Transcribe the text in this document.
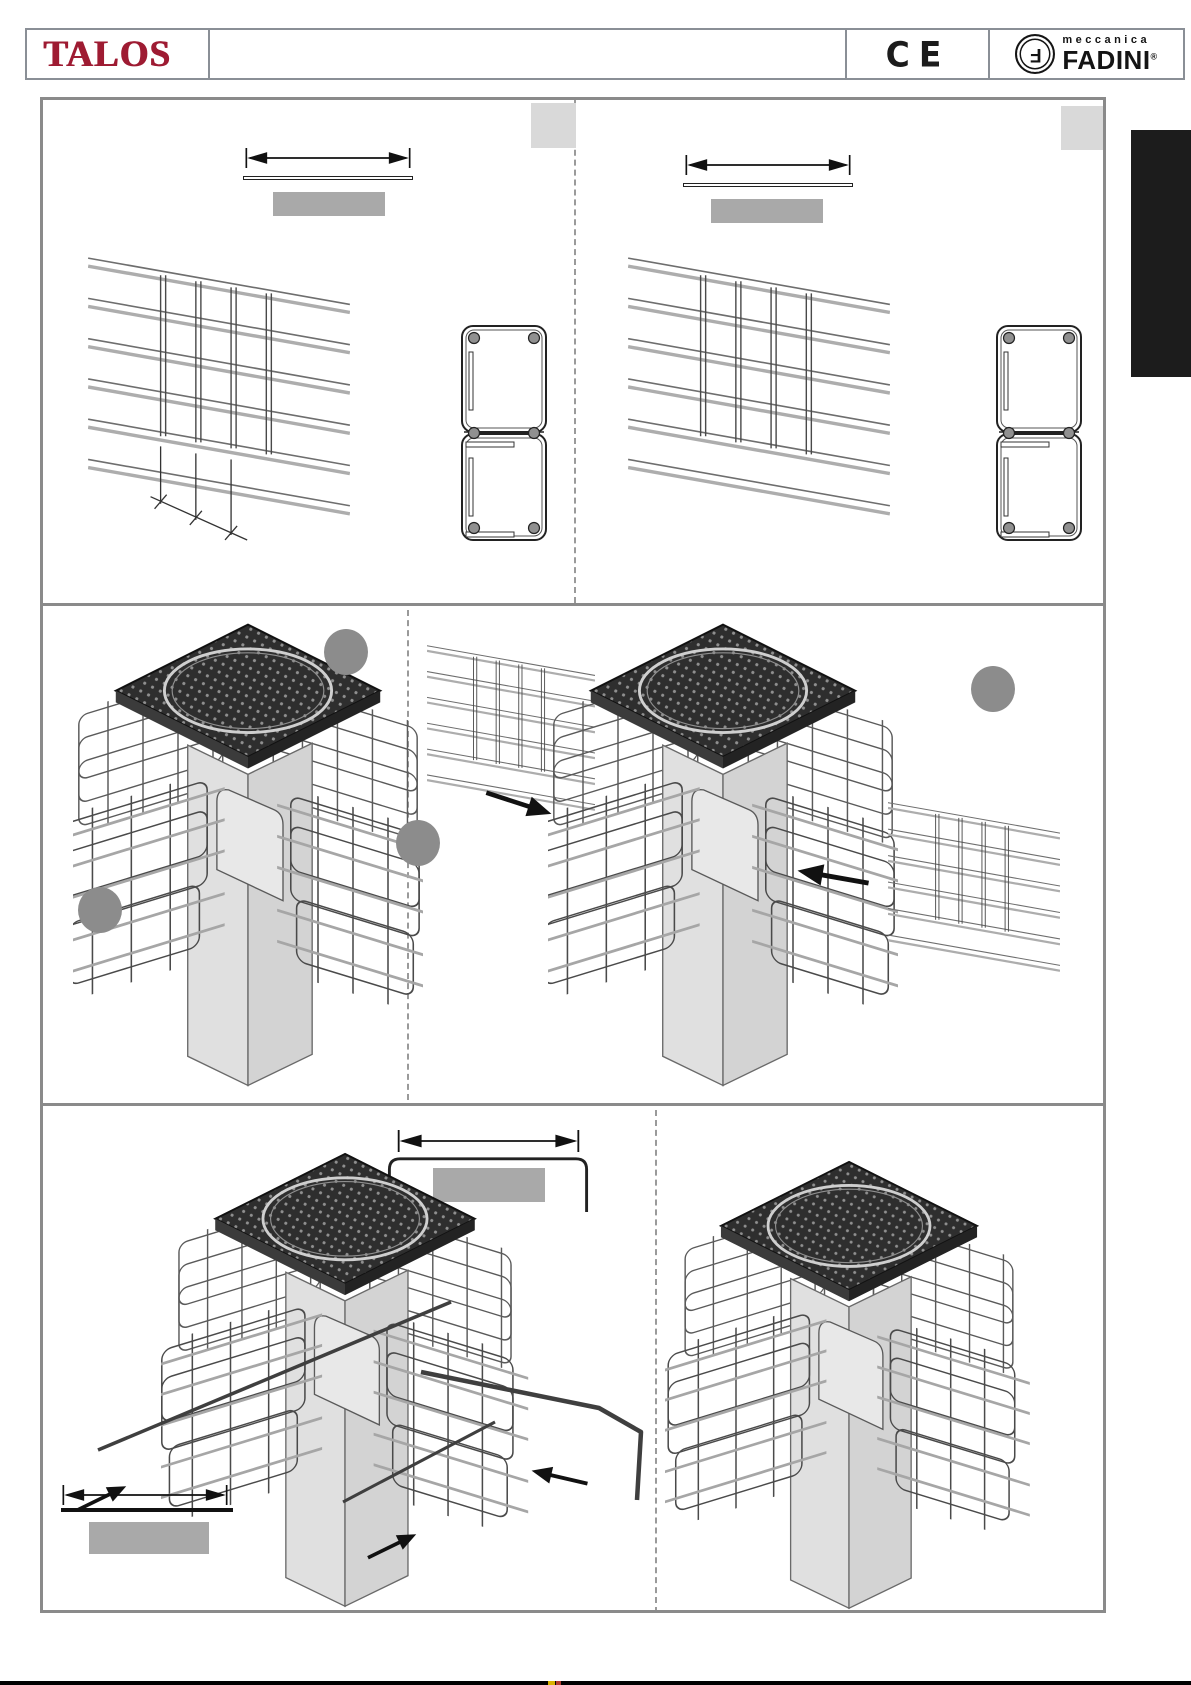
TALOS	CE	F
meccanica
FADINI®
